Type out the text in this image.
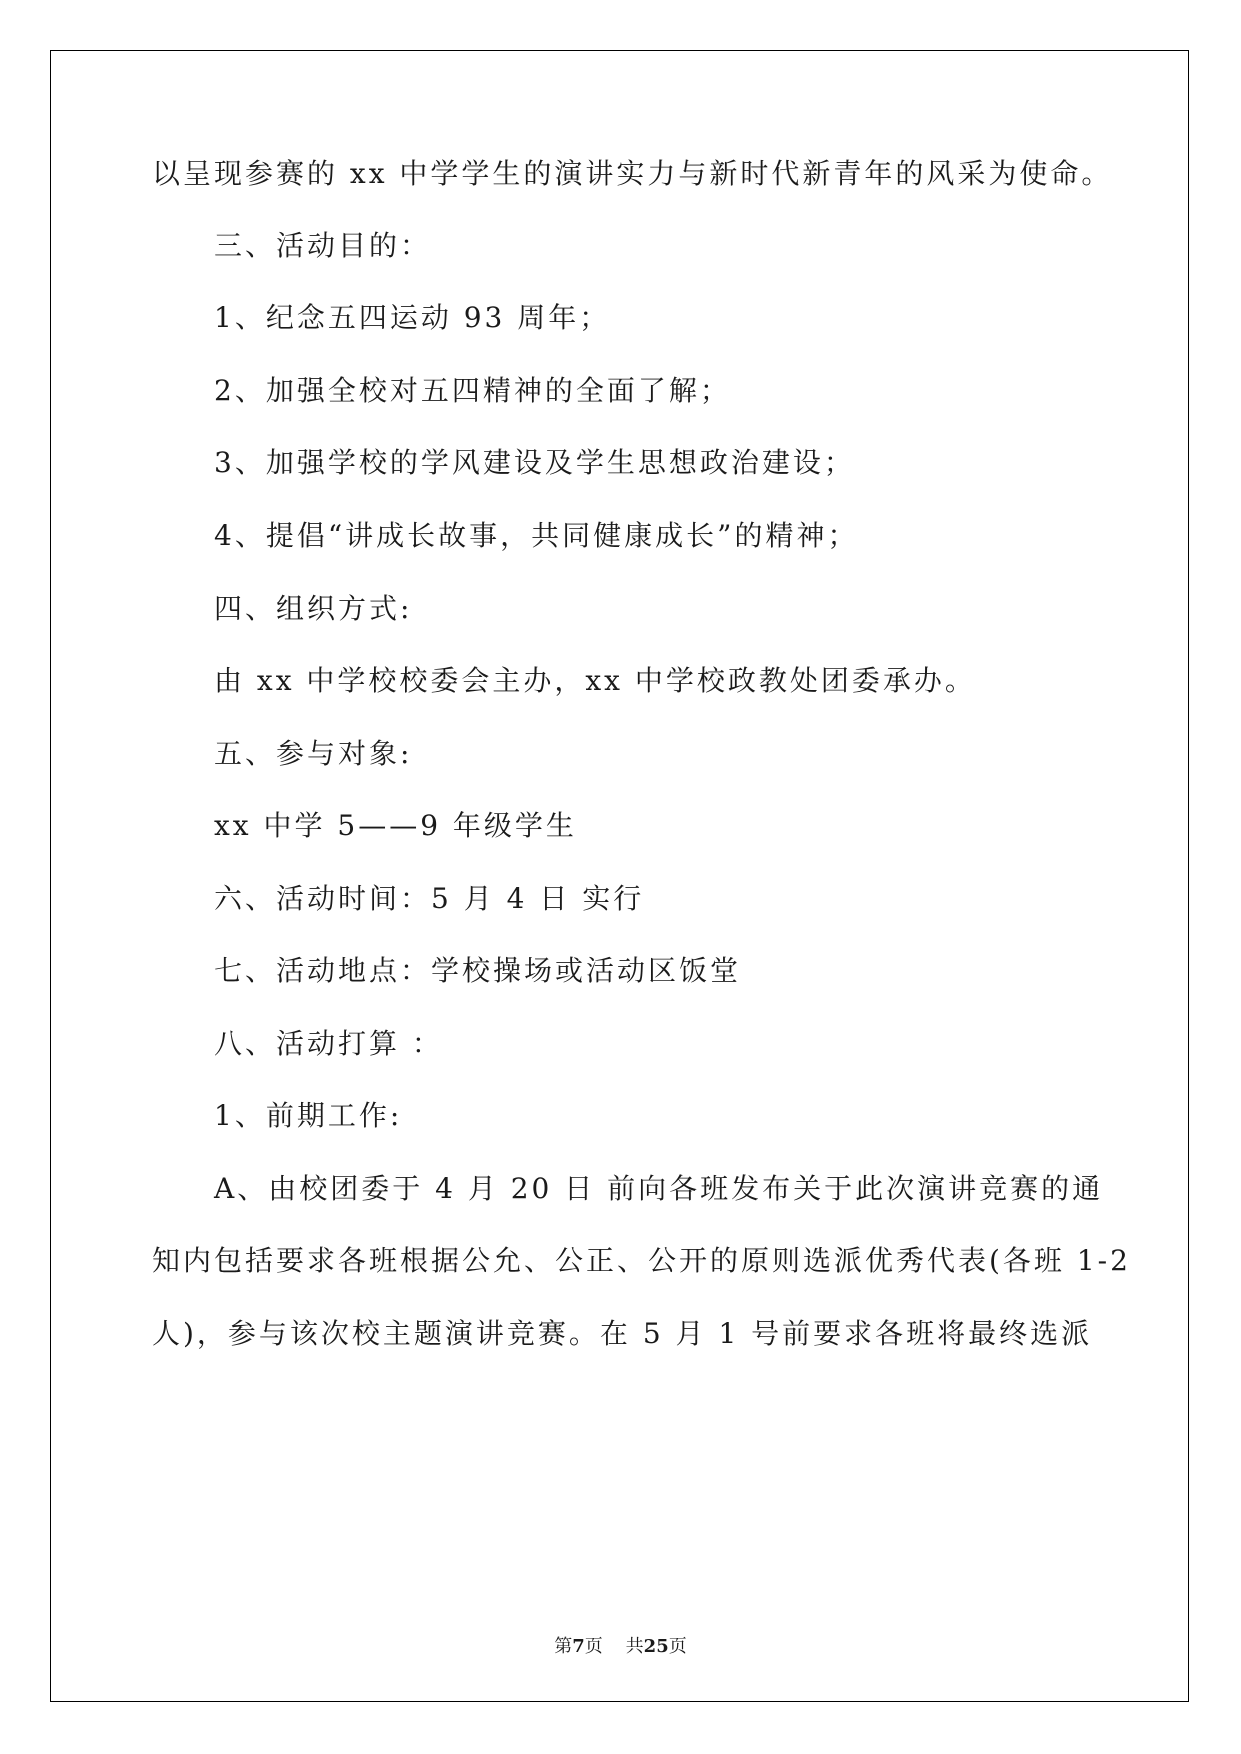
以呈现参赛的 xx 中学学生的演讲实力与新时代新青年的风采为使命。
三、活动目的：
1、纪念五四运动 93 周年；
2、加强全校对五四精神的全面了解；
3、加强学校的学风建设及学生思想政治建设；
4、提倡“讲成长故事，共同健康成长”的精神；
四、组织方式:
由 xx 中学校校委会主办，xx 中学校政教处团委承办。
五、参与对象:
xx 中学 5——9 年级学生
六、活动时间：5 月 4 日 实行
七、活动地点：学校操场或活动区饭堂
八、活动打算 ：
1、前期工作:
A、由校团委于 4 月 20 日 前向各班发布关于此次演讲竞赛的通
知内包括要求各班根据公允、公正、公开的原则选派优秀代表(各班 1-2
人)，参与该次校主题演讲竞赛。在 5 月 1 号前要求各班将最终选派
第7页 共25页
